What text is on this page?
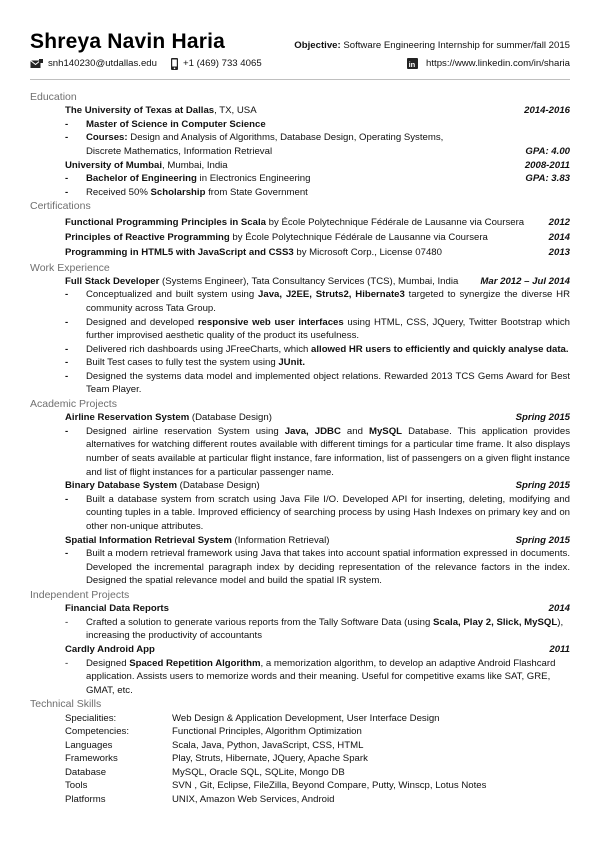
Shreya Navin Haria	Objective: Software Engineering Internship for summer/fall 2015
snh140230@utdallas.edu	+1 (469) 733 4065	in https://www.linkedin.com/in/sharia
Education
The University of Texas at Dallas, TX, USA	2014-2016
-	Master of Science in Computer Science
-	Courses: Design and Analysis of Algorithms, Database Design, Operating Systems,
Discrete Mathematics, Information Retrieval	GPA: 4.00
University of Mumbai, Mumbai, India	2008-2011
-	Bachelor of Engineering in Electronics Engineering	GPA: 3.83
-	Received 50% Scholarship from State Government
Certifications
Functional Programming Principles in Scala by École Polytechnique Fédérale de Lausanne via Coursera	2012
Principles of Reactive Programming by École Polytechnique Fédérale de Lausanne via Coursera	2014
Programming in HTML5 with JavaScript and CSS3 by Microsoft Corp., License 07480	2013
Work Experience
Full Stack Developer (Systems Engineer), Tata Consultancy Services (TCS), Mumbai, India Mar 2012 – Jul 2014
-	Conceptualized and built system using Java, J2EE, Struts2, Hibernate3 targeted to synergize the diverse HR community across Tata Group.
-	Designed and developed responsive web user interfaces using HTML, CSS, JQuery, Twitter Bootstrap which further improvised aesthetic quality of the product its usefulness.
-	Delivered rich dashboards using JFreeCharts, which allowed HR users to efficiently and quickly analyse data.
-	Built Test cases to fully test the system using JUnit.
-	Designed the systems data model and implemented object relations. Rewarded 2013 TCS Gems Award for Best Team Player.
Academic Projects
Airline Reservation System (Database Design)	Spring 2015
-	Designed airline reservation System using Java, JDBC and MySQL Database. This application provides alternatives for watching different routes available with different timings for a particular time frame. It also displays number of seats available at particular flight instance, fare information, list of passengers on a given flight instance and list of flight instances for a particular passenger name.
Binary Database System (Database Design)	Spring 2015
-	Built a database system from scratch using Java File I/O. Developed API for inserting, deleting, modifying and counting tuples in a table. Improved efficiency of searching process by using Hash Indexes on primary key and on other non-unique attributes.
Spatial Information Retrieval System (Information Retrieval)	Spring 2015
-	Built a modern retrieval framework using Java that takes into account spatial information expressed in documents. Developed the incremental paragraph index by deciding representation of the relevance factors in the index. Designed the spatial relevance model and build the spatial IR system.
Independent Projects
Financial Data Reports	2014
-	Crafted a solution to generate various reports from the Tally Software Data (using Scala, Play 2, Slick, MySQL), increasing the productivity of accountants
Cardly Android App	2011
-	Designed Spaced Repetition Algorithm, a memorization algorithm, to develop an adaptive Android Flashcard application. Assists users to memorize words and their meaning. Useful for competitive exams like SAT, GRE, GMAT, etc.
Technical Skills
Specialities:	Web Design & Application Development, User Interface Design
Competencies:	Functional Principles, Algorithm Optimization
Languages	Scala, Java, Python, JavaScript, CSS, HTML
Frameworks	Play, Struts, Hibernate, JQuery, Apache Spark
Database	MySQL, Oracle SQL, SQLite, Mongo DB
Tools	SVN , Git, Eclipse, FileZilla, Beyond Compare, Putty, Winscp, Lotus Notes
Platforms	UNIX, Amazon Web Services, Android
